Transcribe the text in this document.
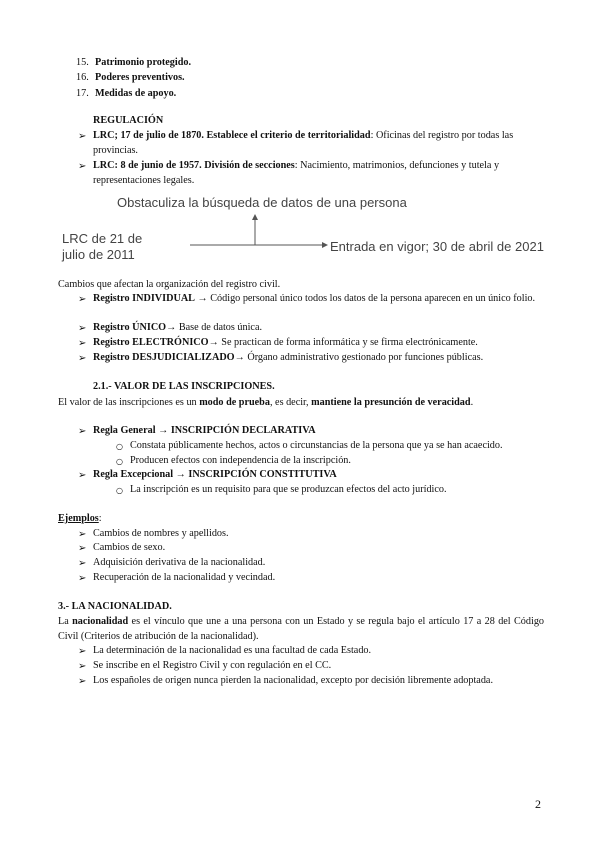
15. Patrimonio protegido.
16. Poderes preventivos.
17. Medidas de apoyo.
REGULACIÓN
➢ LRC; 17 de julio de 1870. Establece el criterio de territorialidad: Oficinas del registro por todas las provincias.
➢ LRC: 8 de junio de 1957. División de secciones: Nacimiento, matrimonios, defunciones y tutela y representaciones legales.
Obstaculiza la búsqueda de datos de una persona
LRC de 21 de
julio de 2011
Entrada en vigor; 30 de abril de 2021
Cambios que afectan la organización del registro civil.
➢ Registro INDIVIDUAL → Código personal único todos los datos de la persona aparecen en un único folio.
➢ Registro ÚNICO→ Base de datos única.
➢ Registro ELECTRÓNICO→ Se practican de forma informática y se firma electrónicamente.
➢ Registro DESJUDICIALIZADO→ Órgano administrativo gestionado por funciones públicas.
2.1.- VALOR DE LAS INSCRIPCIONES.
El valor de las inscripciones es un modo de prueba, es decir, mantiene la presunción de veracidad.
➢ Regla General → INSCRIPCIÓN DECLARATIVA
○ Constata públicamente hechos, actos o circunstancias de la persona que ya se han acaecido.
○ Producen efectos con independencia de la inscripción.
➢ Regla Excepcional → INSCRIPCIÓN CONSTITUTIVA
○ La inscripción es un requisito para que se produzcan efectos del acto jurídico.
Ejemplos:
➢ Cambios de nombres y apellidos.
➢ Cambios de sexo.
➢ Adquisición derivativa de la nacionalidad.
➢ Recuperación de la nacionalidad y vecindad.
3.- LA NACIONALIDAD.
La nacionalidad es el vínculo que une a una persona con un Estado y se regula bajo el artículo 17 a 28 del Código Civil (Criterios de atribución de la nacionalidad).
➢ La determinación de la nacionalidad es una facultad de cada Estado.
➢ Se inscribe en el Registro Civil y con regulación en el CC.
➢ Los españoles de origen nunca pierden la nacionalidad, excepto por decisión libremente adoptada.
2
